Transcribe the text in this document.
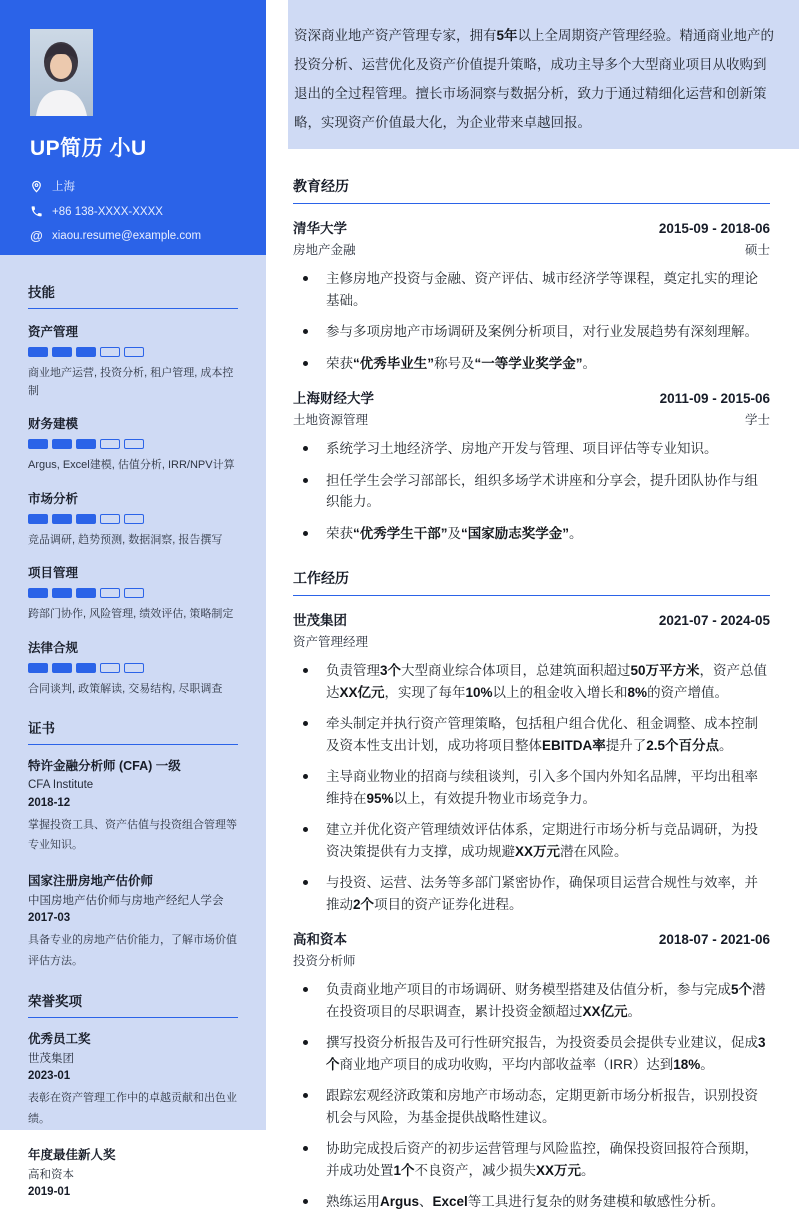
UP简历 小U
上海
+86 138-XXXX-XXXX
@ xiaou.resume@example.com
技能
资产管理
商业地产运营, 投资分析, 租户管理, 成本控制
财务建模
Argus, Excel建模, 估值分析, IRR/NPV计算
市场分析
竞品调研, 趋势预测, 数据洞察, 报告撰写
项目管理
跨部门协作, 风险管理, 绩效评估, 策略制定
法律合规
合同谈判, 政策解读, 交易结构, 尽职调查
证书
特许金融分析师 (CFA) 一级
CFA Institute
2018-12
掌握投资工具、资产估值与投资组合管理等专业知识。
国家注册房地产估价师
中国房地产估价师与房地产经纪人学会
2017-03
具备专业的房地产估价能力，了解市场价值评估方法。
荣誉奖项
优秀员工奖
世茂集团
2023-01
表彰在资产管理工作中的卓越贡献和出色业绩。
年度最佳新人奖
高和资本
2019-01

资深商业地产资产管理专家，拥有5年以上全周期资产管理经验。精通商业地产的投资分析、运营优化及资产价值提升策略，成功主导多个大型商业项目从收购到退出的全过程管理。擅长市场洞察与数据分析，致力于通过精细化运营和创新策略，实现资产价值最大化，为企业带来卓越回报。

教育经历
清华大学	2015-09 - 2018-06
房地产金融	硕士
主修房地产投资与金融、资产评估、城市经济学等课程，奠定扎实的理论基础。
参与多项房地产市场调研及案例分析项目，对行业发展趋势有深刻理解。
荣获“优秀毕业生”称号及“一等学业奖学金”。
上海财经大学	2011-09 - 2015-06
土地资源管理	学士
系统学习土地经济学、房地产开发与管理、项目评估等专业知识。
担任学生会学习部部长，组织多场学术讲座和分享会，提升团队协作与组织能力。
荣获“优秀学生干部”及“国家励志奖学金”。
工作经历
世茂集团	2021-07 - 2024-05
资产管理经理
负责管理3个大型商业综合体项目，总建筑面积超过50万平方米，资产总值达XX亿元，实现了每年10%以上的租金收入增长和8%的资产增值。
牵头制定并执行资产管理策略，包括租户组合优化、租金调整、成本控制及资本性支出计划，成功将项目整体EBITDA率提升了2.5个百分点。
主导商业物业的招商与续租谈判，引入多个国内外知名品牌，平均出租率维持在95%以上，有效提升物业市场竞争力。
建立并优化资产管理绩效评估体系，定期进行市场分析与竞品调研，为投资决策提供有力支撑，成功规避XX万元潜在风险。
与投资、运营、法务等多部门紧密协作，确保项目运营合规性与效率，并推动2个项目的资产证券化进程。
高和资本	2018-07 - 2021-06
投资分析师
负责商业地产项目的市场调研、财务模型搭建及估值分析，参与完成5个潜在投资项目的尽职调查，累计投资金额超过XX亿元。
撰写投资分析报告及可行性研究报告，为投资委员会提供专业建议，促成3个商业地产项目的成功收购，平均内部收益率（IRR）达到18%。
跟踪宏观经济政策和房地产市场动态，定期更新市场分析报告，识别投资机会与风险，为基金提供战略性建议。
协助完成投后资产的初步运营管理与风险监控，确保投资回报符合预期，并成功处置1个不良资产，减少损失XX万元。
熟练运用Argus、Excel等工具进行复杂的财务建模和敏感性分析。
